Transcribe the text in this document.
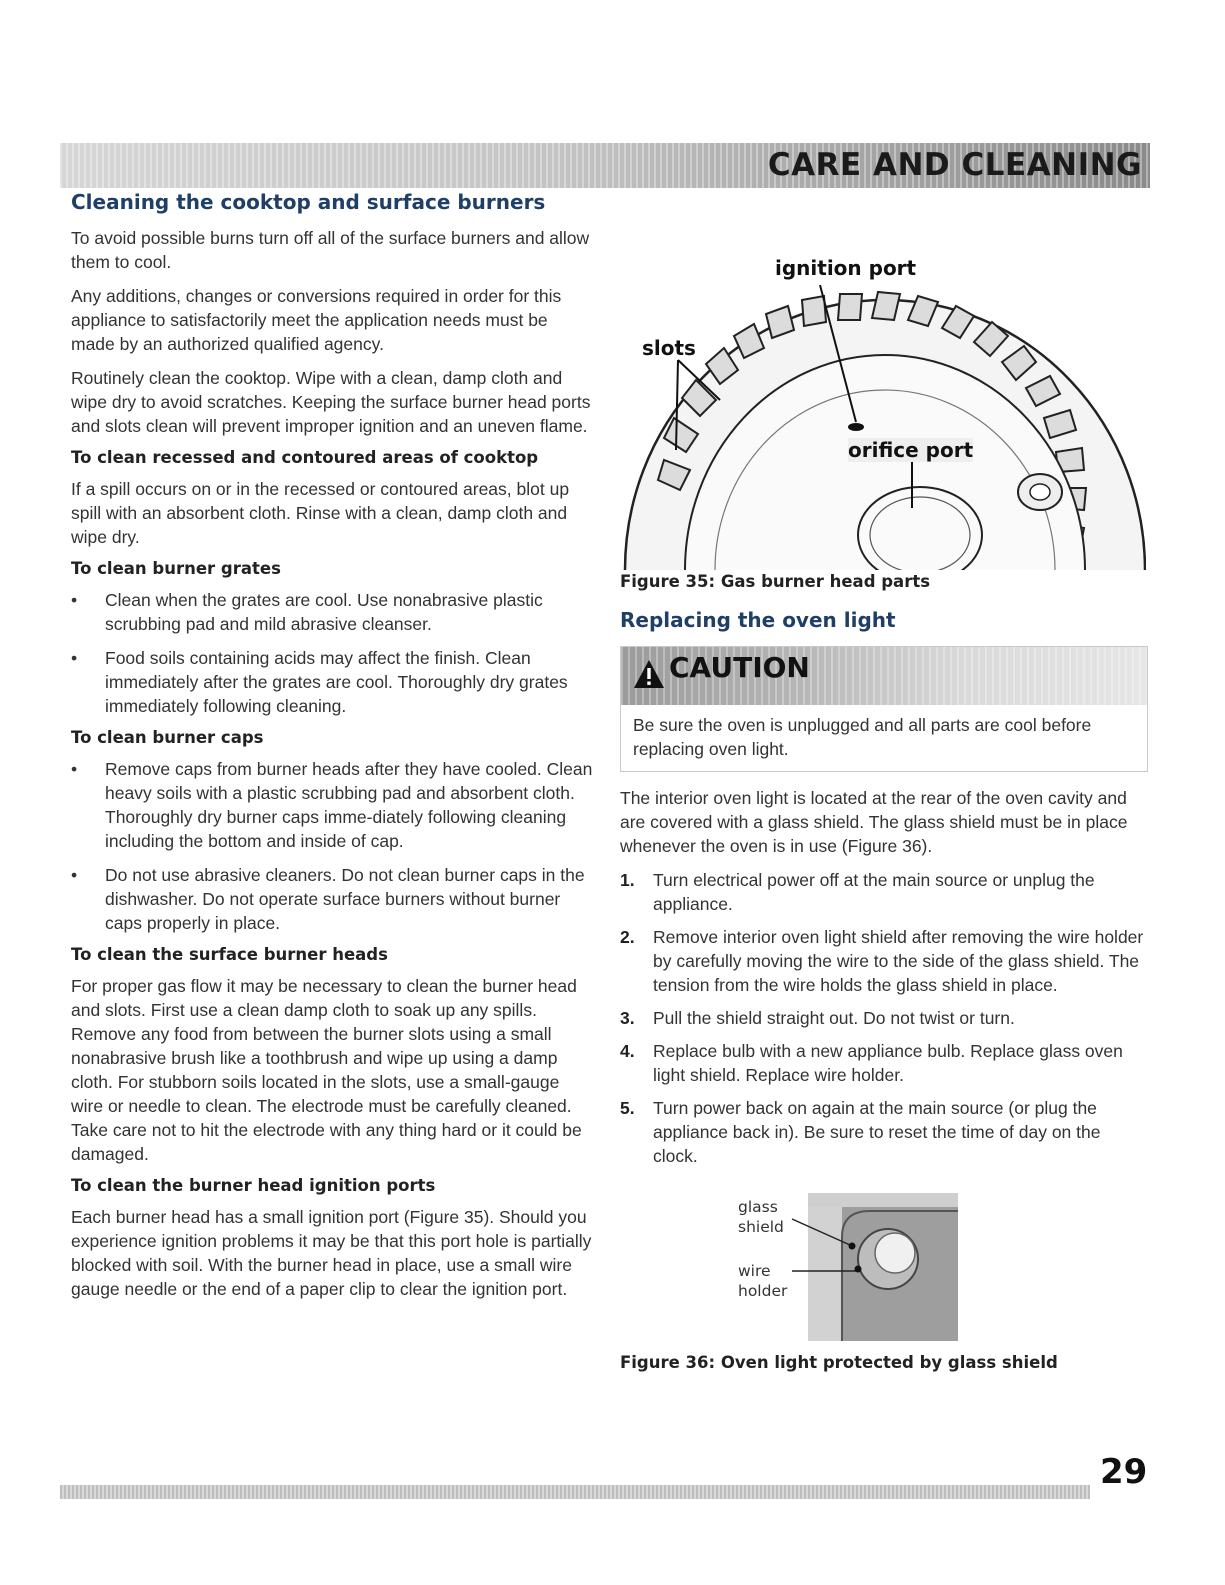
CARE AND CLEANING
Cleaning the cooktop and surface burners

To avoid possible burns turn off all of the surface burners and allow them to cool.

Any additions, changes or conversions required in order for this appliance to satisfactorily meet the application needs must be made by an authorized qualified agency.

Routinely clean the cooktop. Wipe with a clean, damp cloth and wipe dry to avoid scratches. Keeping the surface burner head ports and slots clean will prevent improper ignition and an uneven flame.

To clean recessed and contoured areas of cooktop

If a spill occurs on or in the recessed or contoured areas, blot up spill with an absorbent cloth. Rinse with a clean, damp cloth and wipe dry.

To clean burner grates
•	Clean when the grates are cool. Use nonabrasive plastic scrubbing pad and mild abrasive cleanser.
•	Food soils containing acids may affect the finish. Clean immediately after the grates are cool. Thoroughly dry grates immediately following cleaning.
To clean burner caps
•	Remove caps from burner heads after they have cooled. Clean heavy soils with a plastic scrubbing pad and absorbent cloth. Thoroughly dry burner caps imme-diately following cleaning including the bottom and inside of cap.
•	Do not use abrasive cleaners. Do not clean burner caps in the dishwasher. Do not operate surface burners without burner caps properly in place.
To clean the surface burner heads

For proper gas flow it may be necessary to clean the burner head and slots. First use a clean damp cloth to soak up any spills. Remove any food from between the burner slots using a small nonabrasive brush like a toothbrush and wipe up using a damp cloth. For stubborn soils located in the slots, use a small-gauge wire or needle to clean. The electrode must be carefully cleaned. Take care not to hit the electrode with any thing hard or it could be damaged.

To clean the burner head ignition ports

Each burner head has a small ignition port (Figure 35). Should you experience ignition problems it may be that this port hole is partially blocked with soil. With the burner head in place, use a small wire gauge needle or the end of a paper clip to clear the ignition port.

ignition port

slots

orifice port

Figure 35: Gas burner head parts

Replacing the oven light

CAUTION

Be sure the oven is unplugged and all parts are cool before replacing oven light.

The interior oven light is located at the rear of the oven cavity and are covered with a glass shield. The glass shield must be in place whenever the oven is in use (Figure 36).

1. Turn electrical power off at the main source or unplug the appliance.
2. Remove interior oven light shield after removing the wire holder by carefully moving the wire to the side of the glass shield. The tension from the wire holds the glass shield in place.
3. Pull the shield straight out. Do not twist or turn.
4. Replace bulb with a new appliance bulb. Replace glass oven light shield. Replace wire holder.
5. Turn power back on again at the main source (or plug the appliance back in). Be sure to reset the time of day on the clock.

glass

shield

wire

holder

Figure 36: Oven light protected by glass shield

29
